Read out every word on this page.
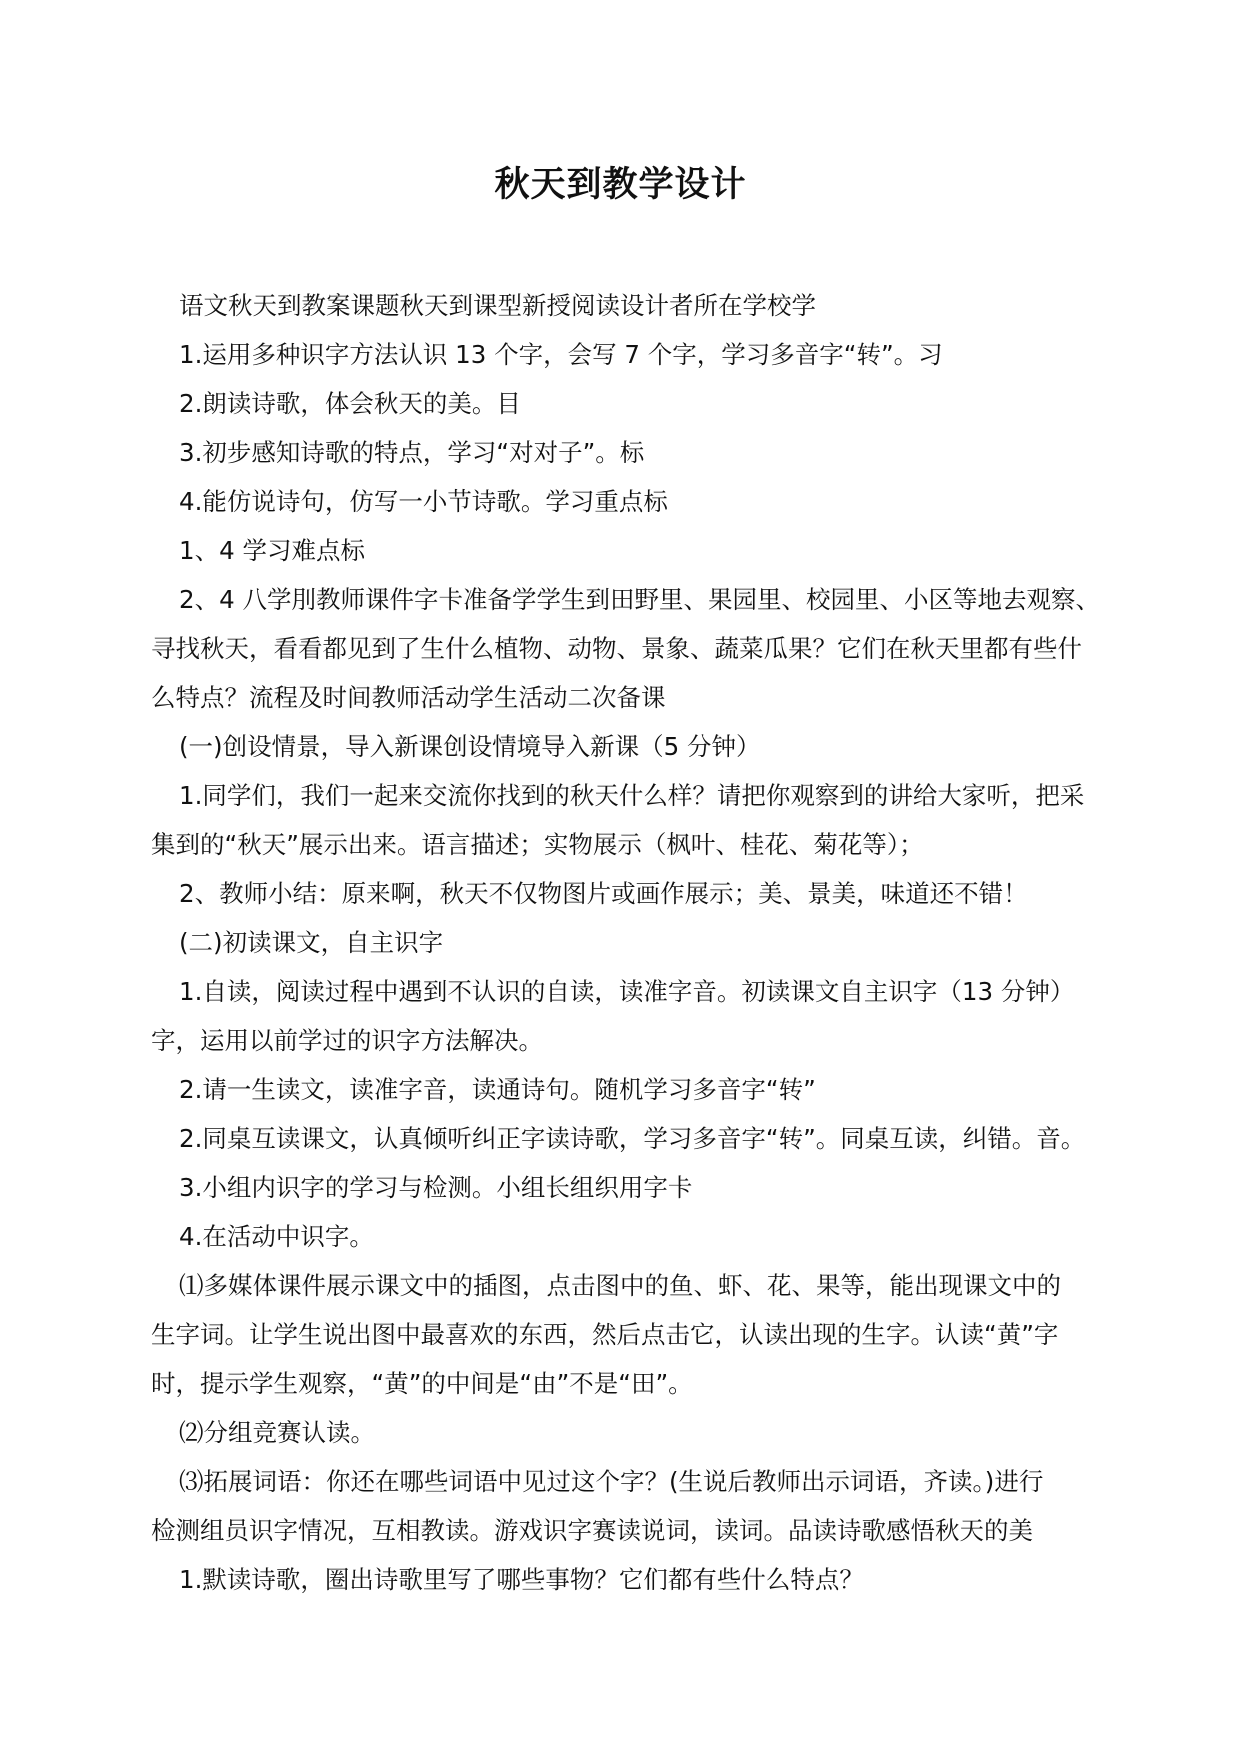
秋天到教学设计
语文秋天到教案课题秋天到课型新授阅读设计者所在学校学
1.运用多种识字方法认识 13 个字，会写 7 个字，学习多音字“转”。习
2.朗读诗歌，体会秋天的美。目
3.初步感知诗歌的特点，学习“对对子”。标
4.能仿说诗句，仿写一小节诗歌。学习重点标
1、4 学习难点标
2、4 八学刖教师课件字卡准备学学生到田野里、果园里、校园里、小区等地去观察、
寻找秋天，看看都见到了生什么植物、动物、景象、蔬菜瓜果？它们在秋天里都有些什
么特点？流程及时间教师活动学生活动二次备课
(一)创设情景，导入新课创设情境导入新课（5 分钟）
1.同学们，我们一起来交流你找到的秋天什么样？请把你观察到的讲给大家听，把采
集到的“秋天”展示出来。语言描述；实物展示（枫叶、桂花、菊花等）；
2、教师小结：原来啊，秋天不仅物图片或画作展示；美、景美，味道还不错！
(二)初读课文，自主识字
1.自读，阅读过程中遇到不认识的自读，读准字音。初读课文自主识字（13 分钟）
字，运用以前学过的识字方法解决。
2.请一生读文，读准字音，读通诗句。随机学习多音字“转”
2.同桌互读课文，认真倾听纠正字读诗歌，学习多音字“转”。同桌互读，纠错。音。
3.小组内识字的学习与检测。小组长组织用字卡
4.在活动中识字。
⑴多媒体课件展示课文中的插图，点击图中的鱼、虾、花、果等，能出现课文中的
生字词。让学生说出图中最喜欢的东西，然后点击它，认读出现的生字。认读“黄”字
时，提示学生观察，“黄”的中间是“由”不是“田”。
⑵分组竞赛认读。
⑶拓展词语：你还在哪些词语中见过这个字？(生说后教师出示词语，齐读。)进行
检测组员识字情况，互相教读。游戏识字赛读说词，读词。品读诗歌感悟秋天的美
1.默读诗歌，圈出诗歌里写了哪些事物？它们都有些什么特点？
